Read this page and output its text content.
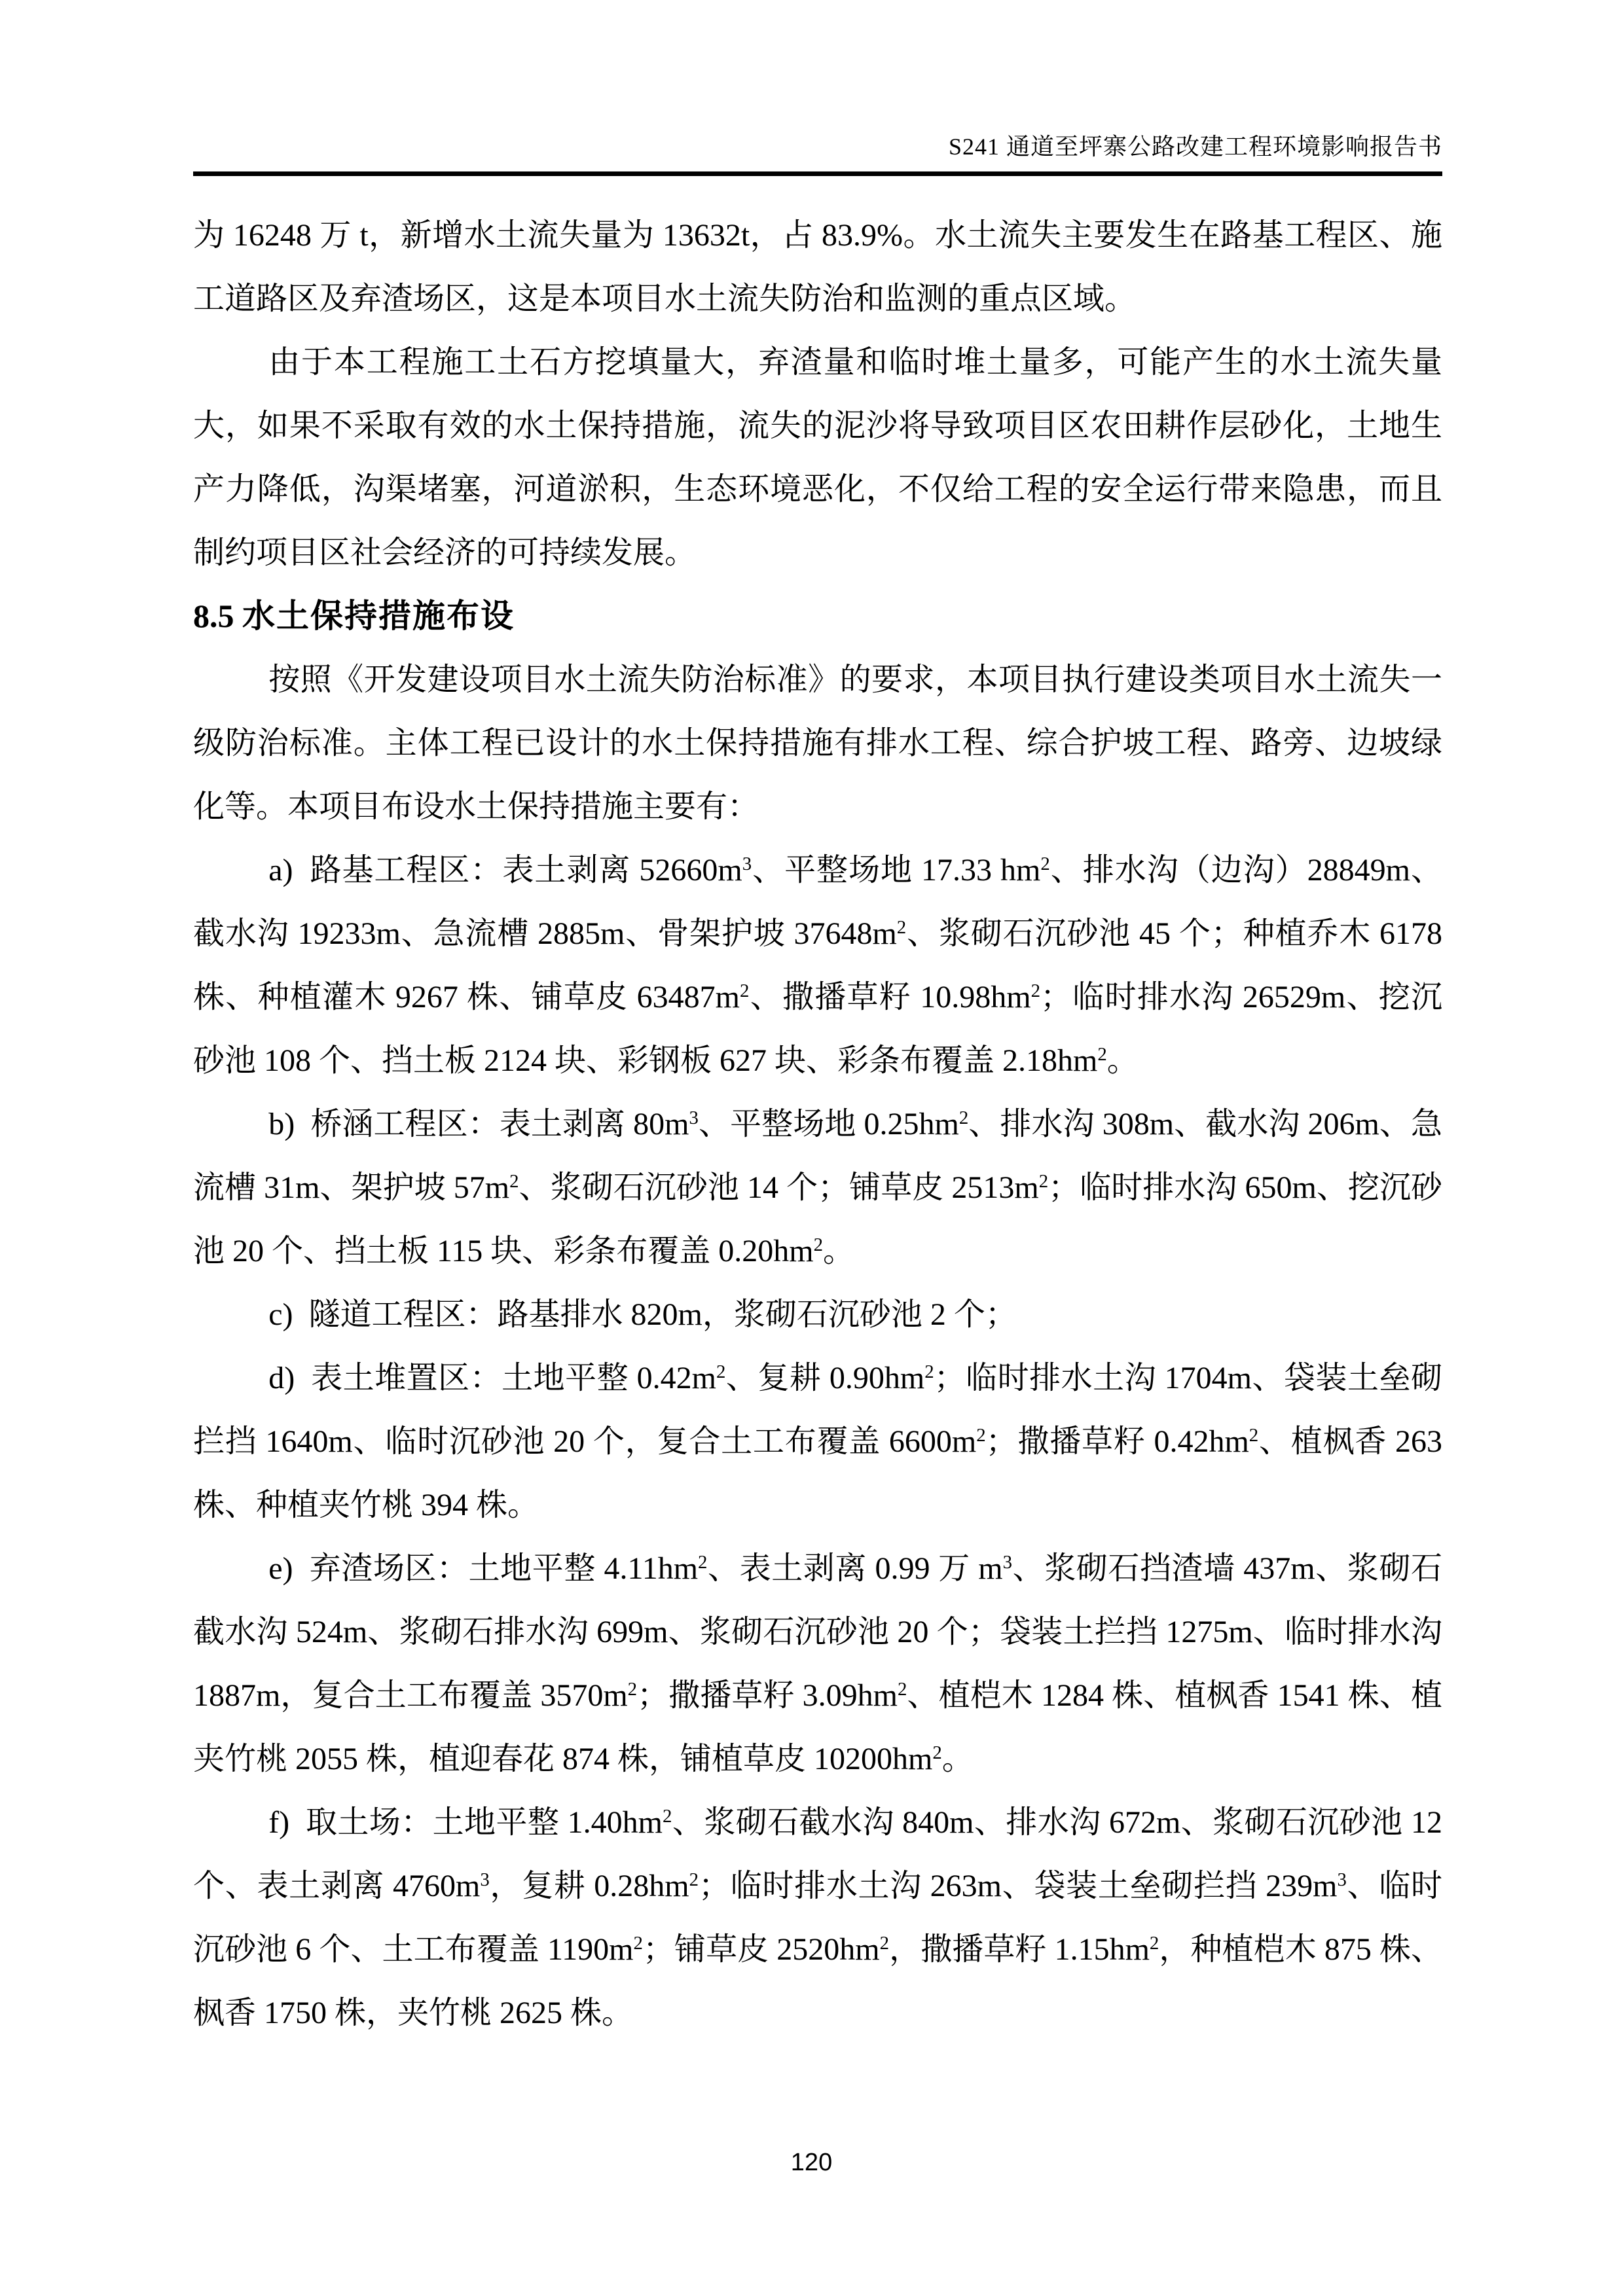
S241 通道至坪寨公路改建工程环境影响报告书

为 16248 万 t，新增水土流失量为 13632t，占 83.9%。水土流失主要发生在路基工程区、施工道路区及弃渣场区，这是本项目水土流失防治和监测的重点区域。

由于本工程施工土石方挖填量大，弃渣量和临时堆土量多，可能产生的水土流失量大，如果不采取有效的水土保持措施，流失的泥沙将导致项目区农田耕作层砂化，土地生产力降低，沟渠堵塞，河道淤积，生态环境恶化，不仅给工程的安全运行带来隐患，而且制约项目区社会经济的可持续发展。

8.5 水土保持措施布设

按照《开发建设项目水土流失防治标准》的要求，本项目执行建设类项目水土流失一级防治标准。主体工程已设计的水土保持措施有排水工程、综合护坡工程、路旁、边坡绿化等。本项目布设水土保持措施主要有：

a)  路基工程区：表土剥离 $52660m^3$、平整场地 17.33 $hm^2$、排水沟（边沟）28849m、截水沟 19233m、急流槽 2885m、骨架护坡 $37648m^2$、浆砌石沉砂池 45 个；种植乔木 6178 株、种植灌木 9267 株、铺草皮 $63487m^2$、撒播草籽 $10.98hm^2$；临时排水沟 26529m、挖沉砂池 108 个、挡土板 2124 块、彩钢板 627 块、彩条布覆盖 $2.18hm^2$。

b)  桥涵工程区：表土剥离 $80m^3$、平整场地 $0.25hm^2$、排水沟 308m、截水沟 206m、急流槽 31m、架护坡 $57m^2$、浆砌石沉砂池 14 个；铺草皮 $2513m^2$；临时排水沟 650m、挖沉砂池 20 个、挡土板 115 块、彩条布覆盖 $0.20hm^2$。

c)  隧道工程区：路基排水 820m，浆砌石沉砂池 2 个；

d)  表土堆置区：土地平整 $0.42m^2$、复耕 $0.90hm^2$；临时排水土沟 1704m、袋装土垒砌拦挡 1640m、临时沉砂池 20 个，复合土工布覆盖 $6600m^2$；撒播草籽 $0.42hm^2$、植枫香 263 株、种植夹竹桃 394 株。

e)  弃渣场区：土地平整 $4.11hm^2$、表土剥离 0.99 万 $m^3$、浆砌石挡渣墙 437m、浆砌石截水沟 524m、浆砌石排水沟 699m、浆砌石沉砂池 20 个；袋装土拦挡 1275m、临时排水沟 1887m，复合土工布覆盖 $3570m^2$；撒播草籽 $3.09hm^2$、植桤木 1284 株、植枫香 1541 株、植夹竹桃 2055 株，植迎春花 874 株，铺植草皮 $10200hm^2$。

f)  取土场：土地平整 $1.40hm^2$、浆砌石截水沟 840m、排水沟 672m、浆砌石沉砂池 12 个、表土剥离 $4760m^3$，复耕 $0.28hm^2$；临时排水土沟 263m、袋装土垒砌拦挡 $239m^3$、临时沉砂池 6 个、土工布覆盖 $1190m^2$；铺草皮 $2520hm^2$，撒播草籽 $1.15hm^2$，种植桤木 875 株、枫香 1750 株，夹竹桃 2625 株。

120
